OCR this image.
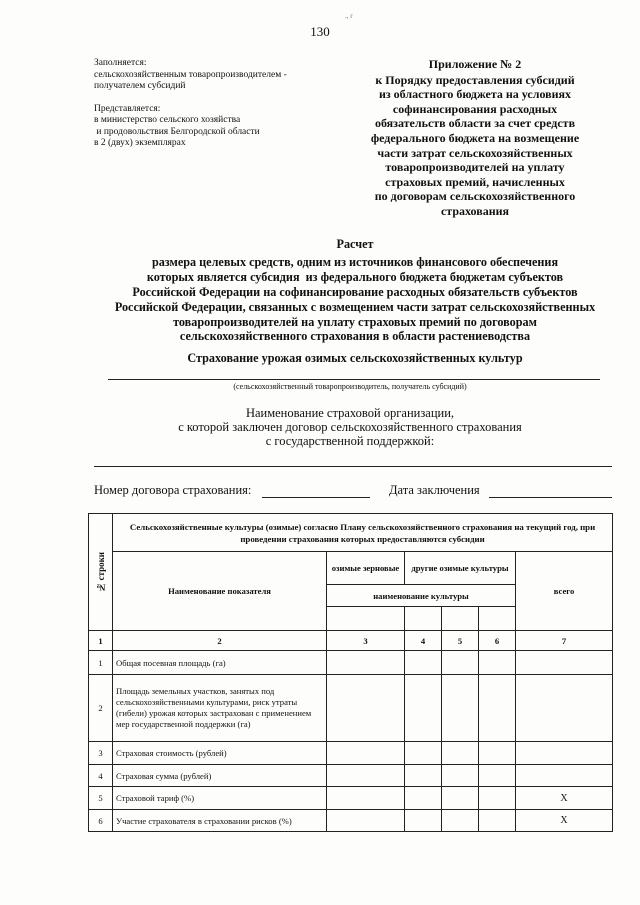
., r
130

Заполняется:

сельскохозяйственным товаропроизводителем -

получателем субсидий

Представляется:

в министерство сельского хозяйства

и продовольствия Белгородской области

в 2 (двух) экземплярах

Приложение № 2

к Порядку предоставления субсидий

из областного бюджета на условиях

софинансирования расходных

обязательств области за счет средств

федерального бюджета на возмещение

части затрат сельскохозяйственных

товаропроизводителей на уплату

страховых премий, начисленных

по договорам сельскохозяйственного

страхования

Расчет

размера целевых средств, одним из источников финансового обеспечения

которых является субсидия  из федерального бюджета бюджетам субъектов

Российской Федерации на софинансирование расходных обязательств субъектов

Российской Федерации, связанных с возмещением части затрат сельскохозяйственных

товаропроизводителей на уплату страховых премий по договорам

сельскохозяйственного страхования в области растениеводства

Страхование урожая озимых сельскохозяйственных культур
(сельскохозяйственный товаропроизводитель, получатель субсидий)

Наименование страховой организации,

с которой заключен договор сельскохозяйственного страхования

с государственной поддержкой:

Номер договора страхования:	Дата заключения
№ строки	Сельскохозяйственные культуры (озимые) согласно Плану сельскохозяйственного страхования на текущий год, при проведении страхования которых предоставляются субсидии					
	Наименование показателя	озимые зерновые	другие озимые культуры			всего
		наименование культуры				

1	2	3	4	5	6	7
1	Общая посевная площадь (га)					
2	Площадь земельных участков, занятых под сельскохозяйственными культурами, риск утраты (гибели) урожая которых застрахован с применением мер государственной поддержки (га)					
3	Страховая стоимость (рублей)					
4	Страховая сумма (рублей)					
5	Страховой тариф (%)					X
6	Участие страхователя в страховании рисков (%)					X
